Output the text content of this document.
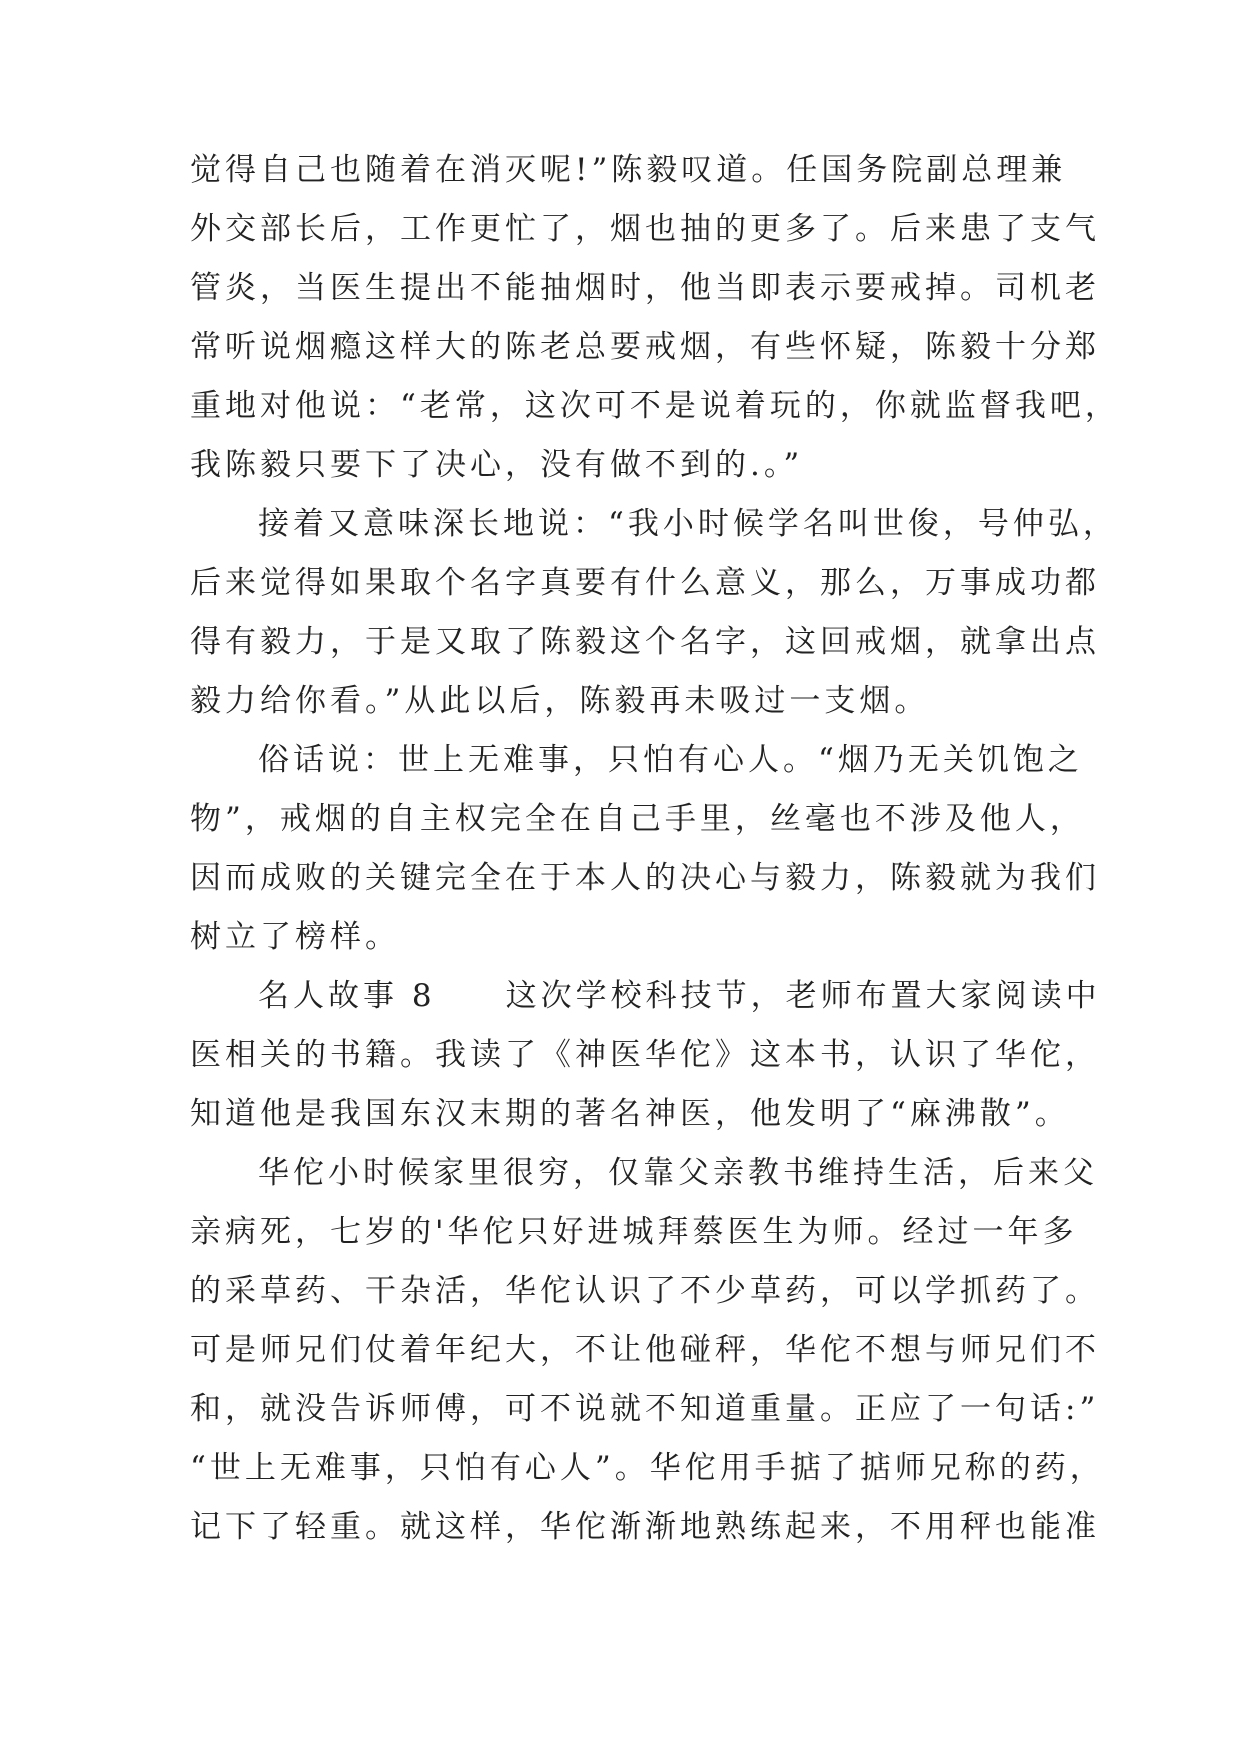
觉得自己也随着在消灭呢!”陈毅叹道。任国务院副总理兼
外交部长后，工作更忙了，烟也抽的更多了。后来患了支气
管炎，当医生提出不能抽烟时，他当即表示要戒掉。司机老
常听说烟瘾这样大的陈老总要戒烟，有些怀疑，陈毅十分郑
重地对他说：“老常，这次可不是说着玩的，你就监督我吧，
我陈毅只要下了决心，没有做不到的.。”
接着又意味深长地说：“我小时候学名叫世俊，号仲弘，
后来觉得如果取个名字真要有什么意义，那么，万事成功都
得有毅力，于是又取了陈毅这个名字，这回戒烟，就拿出点
毅力给你看。”从此以后，陈毅再未吸过一支烟。
俗话说：世上无难事，只怕有心人。“烟乃无关饥饱之
物”，戒烟的自主权完全在自己手里，丝毫也不涉及他人，
因而成败的关键完全在于本人的决心与毅力，陈毅就为我们
树立了榜样。
名人故事 8　　这次学校科技节，老师布置大家阅读中
医相关的书籍。我读了《神医华佗》这本书，认识了华佗，
知道他是我国东汉末期的著名神医，他发明了“麻沸散”。
华佗小时候家里很穷，仅靠父亲教书维持生活，后来父
亲病死，七岁的'华佗只好进城拜蔡医生为师。经过一年多
的采草药、干杂活，华佗认识了不少草药，可以学抓药了。
可是师兄们仗着年纪大，不让他碰秤，华佗不想与师兄们不
和，就没告诉师傅，可不说就不知道重量。正应了一句话:”
“世上无难事，只怕有心人”。华佗用手掂了掂师兄称的药，
记下了轻重。就这样，华佗渐渐地熟练起来，不用秤也能准
